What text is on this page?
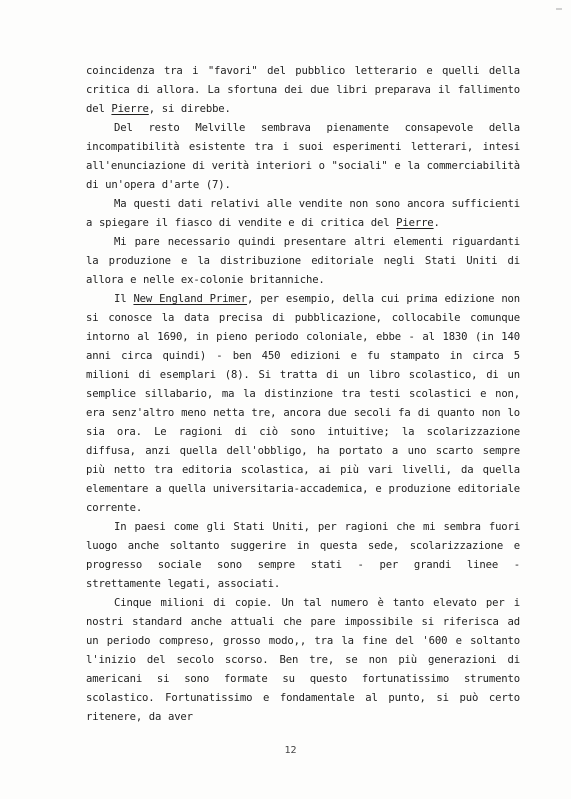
coincidenza tra i "favori" del pubblico letterario e quelli della critica di allora. La sfortuna dei due libri preparava il fallimento del Pierre, si direbbe.

Del resto Melville sembrava pienamente consapevole della incompatibilità esistente tra i suoi esperimenti letterari, intesi all'enunciazione di verità interiori o "sociali" e la commerciabilità di un'opera d'arte (7).

Ma questi dati relativi alle vendite non sono ancora sufficienti a spiegare il fiasco di vendite e di critica del Pierre.

Mi pare necessario quindi presentare altri elementi riguardanti la produzione e la distribuzione editoriale negli Stati Uniti di allora e nelle ex-colonie britanniche.

Il New England Primer, per esempio, della cui prima edizione non si conosce la data precisa di pubblicazione, collocabile comunque intorno al 1690, in pieno periodo coloniale, ebbe - al 1830 (in 140 anni circa quindi) - ben 450 edizioni e fu stampato in circa 5 milioni di esemplari (8). Si tratta di un libro scolastico, di un semplice sillabario, ma la distinzione tra testi scolastici e non, era senz'altro meno netta tre, ancora due secoli fa di quanto non lo sia ora. Le ragioni di ciò sono intuitive; la scolarizzazione diffusa, anzi quella dell'obbligo, ha portato a uno scarto sempre più netto tra editoria scolastica, ai più vari livelli, da quella elementare a quella universitaria-accademica, e produzione editoriale corrente.

In paesi come gli Stati Uniti, per ragioni che mi sembra fuori luogo anche soltanto suggerire in questa sede, scolarizzazione e progresso sociale sono sempre stati - per grandi linee - strettamente legati, associati.

Cinque milioni di copie. Un tal numero è tanto elevato per i nostri standard anche attuali che pare impossibile si riferisca ad un periodo compreso, grosso modo,, tra la fine del '600 e soltanto l'inizio del secolo scorso. Ben tre, se non più generazioni di americani si sono formate su questo fortunatissimo strumento scolastico. Fortunatissimo e fondamentale al punto, si può certo ritenere, da aver

12
